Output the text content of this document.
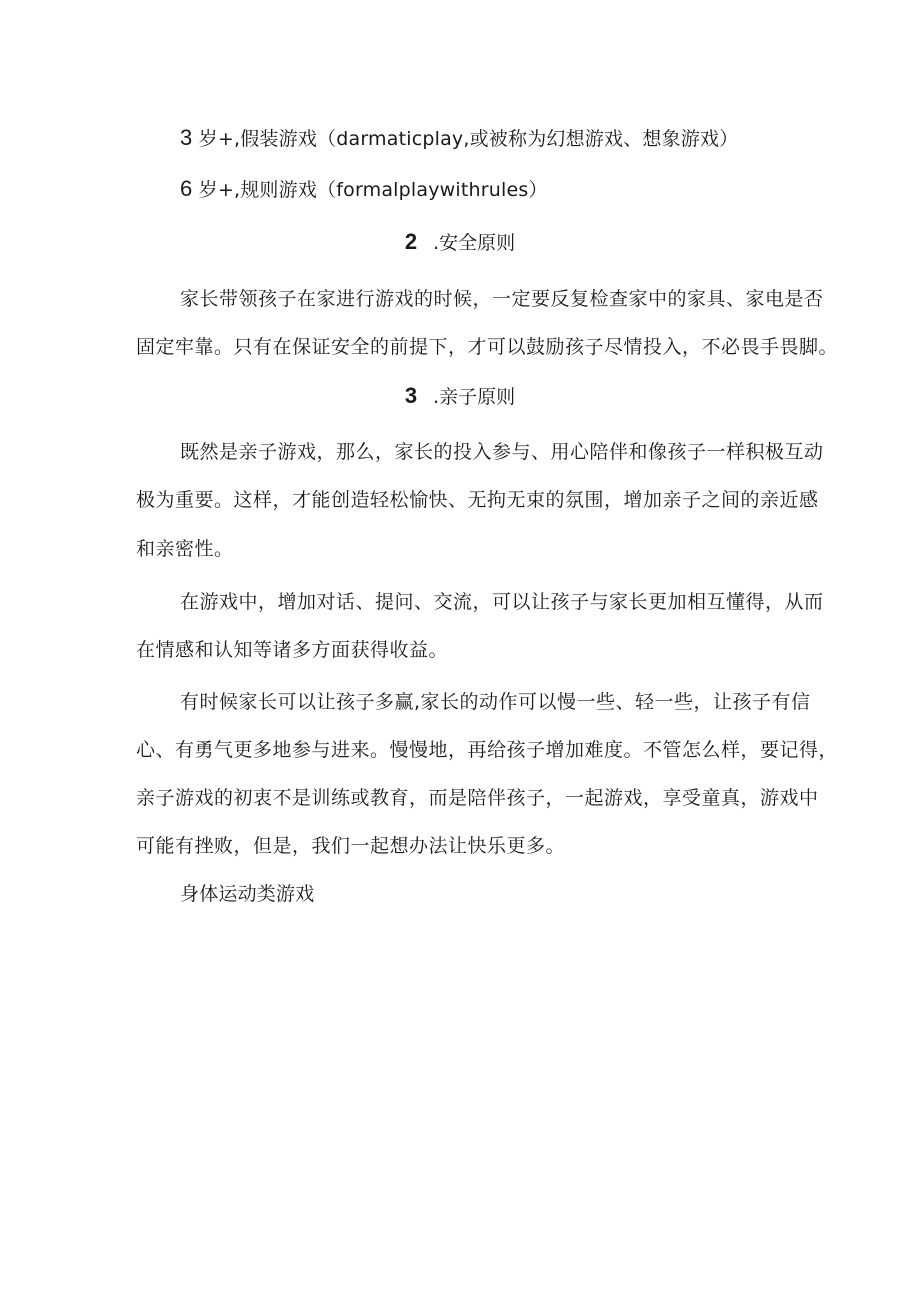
3 岁+,假装游戏（darmaticplay,或被称为幻想游戏、想象游戏）
6 岁+,规则游戏（formalplaywithrules）
2 .安全原则
家长带领孩子在家进行游戏的时候，一定要反复检查家中的家具、家电是否
固定牢靠。只有在保证安全的前提下，才可以鼓励孩子尽情投入，不必畏手畏脚。
3 .亲子原则
既然是亲子游戏，那么，家长的投入参与、用心陪伴和像孩子一样积极互动
极为重要。这样，才能创造轻松愉快、无拘无束的氛围，增加亲子之间的亲近感
和亲密性。
在游戏中，增加对话、提问、交流，可以让孩子与家长更加相互懂得，从而
在情感和认知等诸多方面获得收益。
有时候家长可以让孩子多赢,家长的动作可以慢一些、轻一些，让孩子有信
心、有勇气更多地参与进来。慢慢地，再给孩子增加难度。不管怎么样，要记得，
亲子游戏的初衷不是训练或教育，而是陪伴孩子，一起游戏，享受童真，游戏中
可能有挫败，但是，我们一起想办法让快乐更多。
身体运动类游戏
